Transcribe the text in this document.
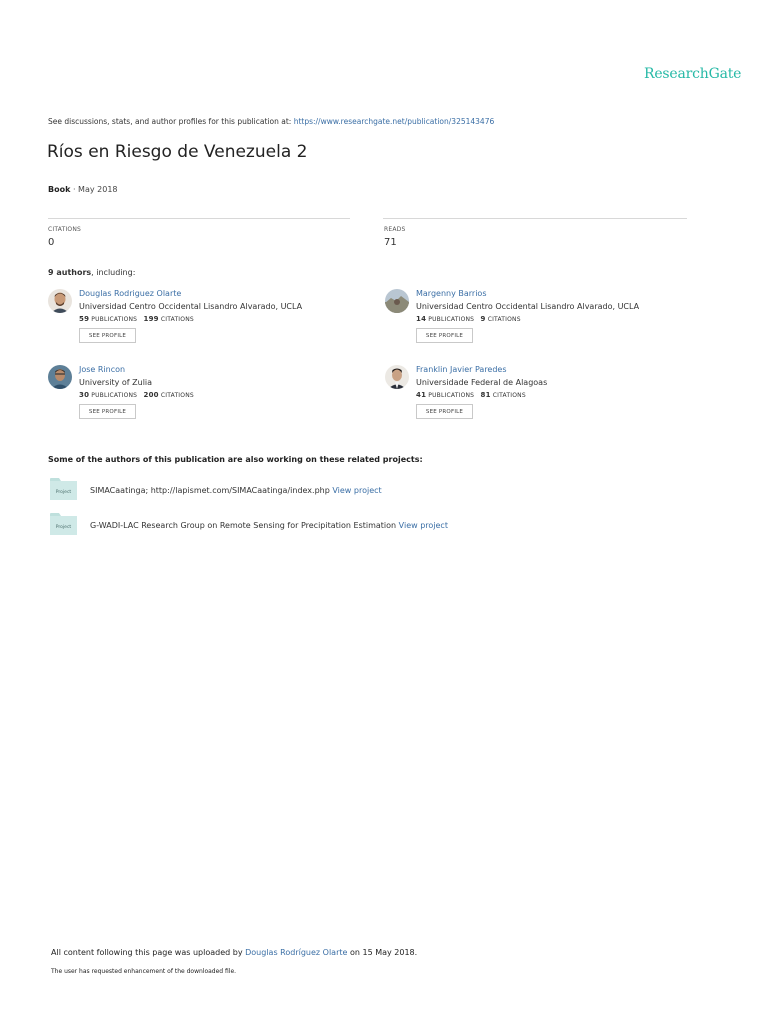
ResearchGate
See discussions, stats, and author profiles for this publication at: https://www.researchgate.net/publication/325143476
Ríos en Riesgo de Venezuela 2
Book · May 2018
CITATIONS
0
READS
71
9 authors, including:
Douglas Rodriguez Olarte
Universidad Centro Occidental Lisandro Alvarado, UCLA
59 PUBLICATIONS 199 CITATIONS
SEE PROFILE
Margenny Barrios
Universidad Centro Occidental Lisandro Alvarado, UCLA
14 PUBLICATIONS 9 CITATIONS
SEE PROFILE
Jose Rincon
University of Zulia
30 PUBLICATIONS 200 CITATIONS
SEE PROFILE
Franklin Javier Paredes
Universidade Federal de Alagoas
41 PUBLICATIONS 81 CITATIONS
SEE PROFILE
Some of the authors of this publication are also working on these related projects:
Project SIMACaatinga; http://lapismet.com/SIMACaatinga/index.php View project
Project G-WADI-LAC Research Group on Remote Sensing for Precipitation Estimation View project
All content following this page was uploaded by Douglas Rodríguez Olarte on 15 May 2018.
The user has requested enhancement of the downloaded file.
